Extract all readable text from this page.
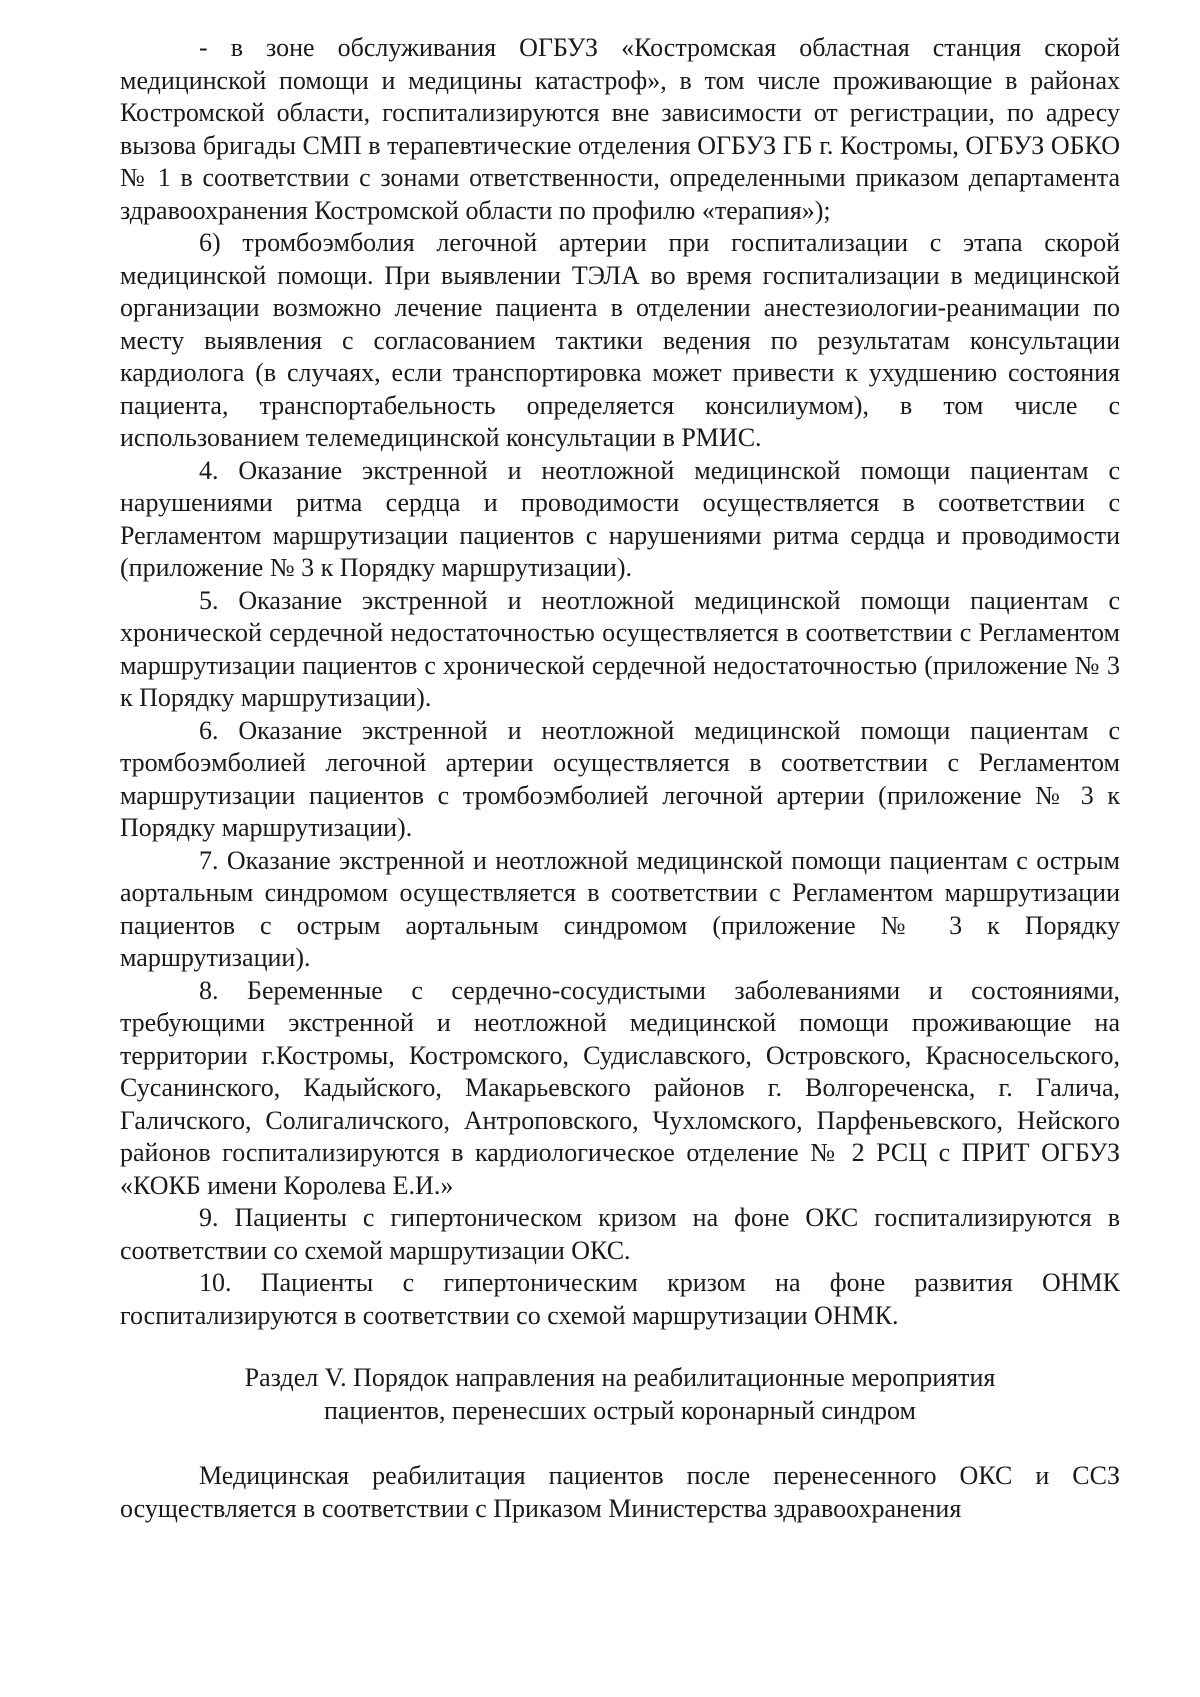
- в зоне обслуживания ОГБУЗ «Костромская областная станция скорой медицинской помощи и медицины катастроф», в том числе проживающие в районах Костромской области, госпитализируются вне зависимости от регистрации, по адресу вызова бригады СМП в терапевтические отделения ОГБУЗ ГБ г. Костромы, ОГБУЗ ОБКО № 1 в соответствии с зонами ответственности, определенными приказом департамента здравоохранения Костромской области по профилю «терапия»);

6) тромбоэмболия легочной артерии при госпитализации с этапа скорой медицинской помощи. При выявлении ТЭЛА во время госпитализации в медицинской организации возможно лечение пациента в отделении анестезиологии-реанимации по месту выявления с согласованием тактики ведения по результатам консультации кардиолога (в случаях, если транспортировка может привести к ухудшению состояния пациента, транспортабельность определяется консилиумом), в том числе с использованием телемедицинской консультации в РМИС.

4. Оказание экстренной и неотложной медицинской помощи пациентам с нарушениями ритма сердца и проводимости осуществляется в соответствии с Регламентом маршрутизации пациентов с нарушениями ритма сердца и проводимости (приложение № 3 к Порядку маршрутизации).

5. Оказание экстренной и неотложной медицинской помощи пациентам с хронической сердечной недостаточностью осуществляется в соответствии с Регламентом маршрутизации пациентов с хронической сердечной недостаточностью (приложение № 3 к Порядку маршрутизации).

6. Оказание экстренной и неотложной медицинской помощи пациентам с тромбоэмболией легочной артерии осуществляется в соответствии с Регламентом маршрутизации пациентов с тромбоэмболией легочной артерии (приложение № 3 к Порядку маршрутизации).

7. Оказание экстренной и неотложной медицинской помощи пациентам с острым аортальным синдромом осуществляется в соответствии с Регламентом маршрутизации пациентов с острым аортальным синдромом (приложение № 3 к Порядку маршрутизации).

8. Беременные с сердечно-сосудистыми заболеваниями и состояниями, требующими экстренной и неотложной медицинской помощи проживающие на территории г.Костромы, Костромского, Судиславского, Островского, Красносельского, Сусанинского, Кадыйского, Макарьевского районов г. Волгореченска, г. Галича, Галичского, Солигаличского, Антроповского, Чухломского, Парфеньевского, Нейского районов госпитализируются в кардиологическое отделение № 2 РСЦ с ПРИТ ОГБУЗ «КОКБ имени Королева Е.И.»

9. Пациенты с гипертоническом кризом на фоне ОКС госпитализируются в соответствии со схемой маршрутизации ОКС.

10. Пациенты с гипертоническим кризом на фоне развития ОНМК госпитализируются в соответствии со схемой маршрутизации ОНМК.

Раздел V. Порядок направления на реабилитационные мероприятия
пациентов, перенесших острый коронарный синдром

Медицинская реабилитация пациентов после перенесенного ОКС и ССЗ осуществляется в соответствии с Приказом Министерства здравоохранения
